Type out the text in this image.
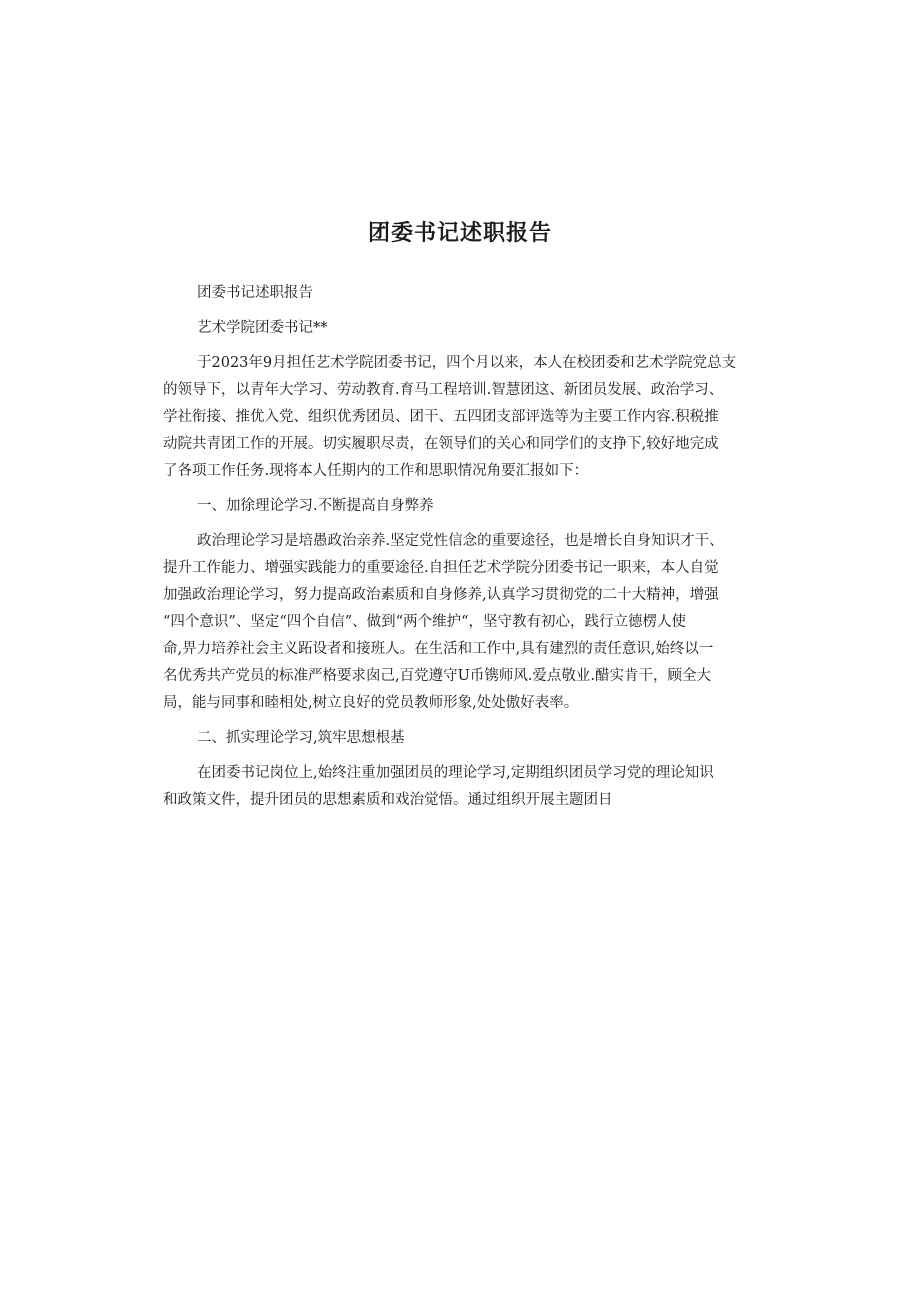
团委书记述职报告
团委书记述职报告
艺术学院团委书记**
于2023年9月担任艺术学院团委书记，四个月以来，本人在校团委和艺术学院党总支
的领导下，以青年大学习、劳动教育.育马工程培训.智慧团这、新团员发展、政治学习、
学社衔接、推优入党、组织优秀团员、团干、五四团支部评选等为主要工作内容.积税推
动院共青团工作的开展。切实履职尽责，在领导们的关心和同学们的支挣下,较好地完成
了各项工作任务.现将本人任期内的工作和思职情况角要汇报如下：
一、加徐理论学习.不断提高自身弊养
政治理论学习是培愚政治亲养.坚定党性信念的重要途径，也是增长自身知识才干、
提升工作能力、增强实践能力的重要途径.自担任艺术学院分团委书记一职来，本人自觉
加强政治理论学习，努力提高政治素质和自身修养,认真学习贯彻党的二十大精神，增强
“四个意识”、坚定“四个自信”、做到“两个维护“，坚守教有初心，践行立德楞人使
命,畀力培养社会主义跖设者和接班人。在生活和工作中,具有建烈的责任意识,始终以一
名优秀共产党员的标准严格要求囱己,百党遵守U币镌师风.爱点敬业.醋实肯干，顾全大
局，能与同事和睦相处,树立良好的党员教师形象,处处傲好表率。
二、抓实理论学习,筑牢思想根基
在团委书记岗位上,始终注重加强团员的理论学习,定期组织团员学习党的理论知识
和政策文件，提升团员的思想素质和戏治觉悟。通过组织开展主题团日
